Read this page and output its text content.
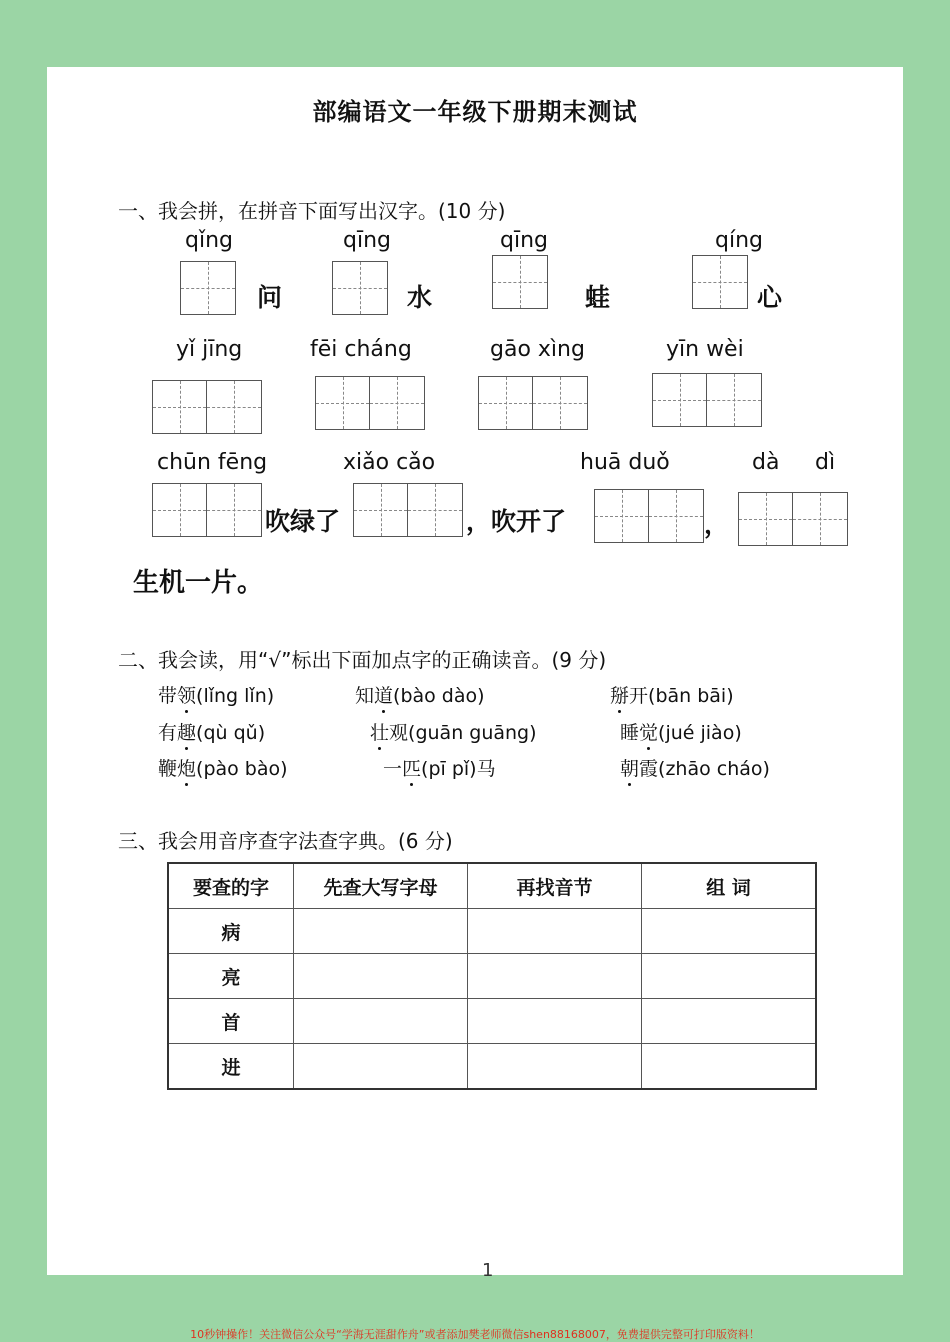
部编语文一年级下册期末测试
一、我会拼，在拼音下面写出汉字。(10 分)
qǐng	qīng	qīng	qíng
问	水	蛙	心
yǐ jīng	fēi cháng	gāo xìng	yīn wèi
chūn fēng	xiǎo cǎo	huā duǒ	dà dì
吹绿了	，吹开了	，
生机一片。
二、我会读，用“√”标出下面加点字的正确读音。(9 分)
带领(lǐng lǐn)	知道(bào dào)	掰开(bān bāi)
有趣(qù qǔ)	壮观(guān guāng)	睡觉(jué jiào)
鞭炮(pào bào)	一匹(pī pǐ)马	朝霞(zhāo cháo)
三、我会用音序查字法查字典。(6 分)
要查的字	先查大写字母	再找音节	组 词
病			
亮			
首			
进			
1
10秒钟操作！关注微信公众号“学海无涯甜作舟”或者添加樊老师微信shen88168007，免费提供完整可打印版资料！
